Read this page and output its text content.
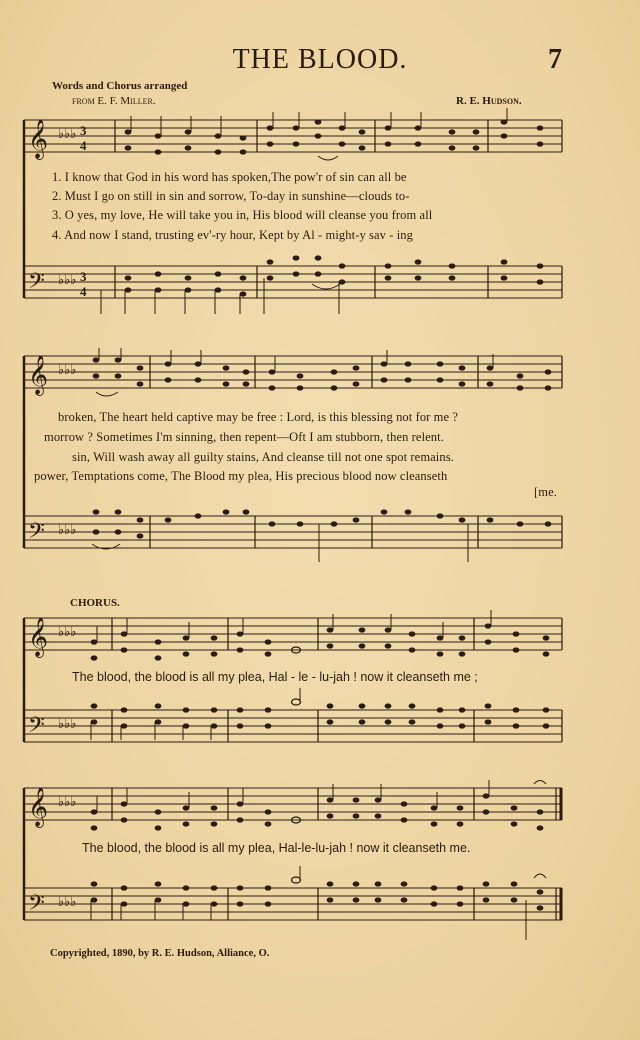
THE BLOOD.	7
Words and Chorus arranged
from E. F. Miller.	R. E. Hudson.
𝄞
𝄢
♭♭♭
♭♭♭
3
4
3
4
1. I know that God in his word has spoken,The pow'r of sin can all be
2. Must I go on still in sin and sorrow, To-day in sunshine—clouds to-
3. O yes, my love, He will take you in, His blood will cleanse you from all
4. And now I stand, trusting ev'-ry hour, Kept by Al - might-y sav - ing
𝄞
𝄢
♭♭♭
♭♭♭
broken, The heart held captive may be free : Lord, is this blessing not for me ?
morrow ? Sometimes I'm sinning, then repent—Oft I am stubborn, then relent.
sin, Will wash away all guilty stains, And cleanse till not one spot remains.
power, Temptations come, The Blood my plea, His precious blood now cleanseth
[me.
CHORUS.
𝄞
𝄢
♭♭♭
♭♭♭
The blood, the blood is all my plea, Hal - le - lu-jah ! now it cleanseth me ;
𝄞
𝄢
♭♭♭
♭♭♭
The blood, the blood is all my plea, Hal-le-lu-jah ! now it cleanseth me.
Copyrighted, 1890, by R. E. Hudson, Alliance, O.
